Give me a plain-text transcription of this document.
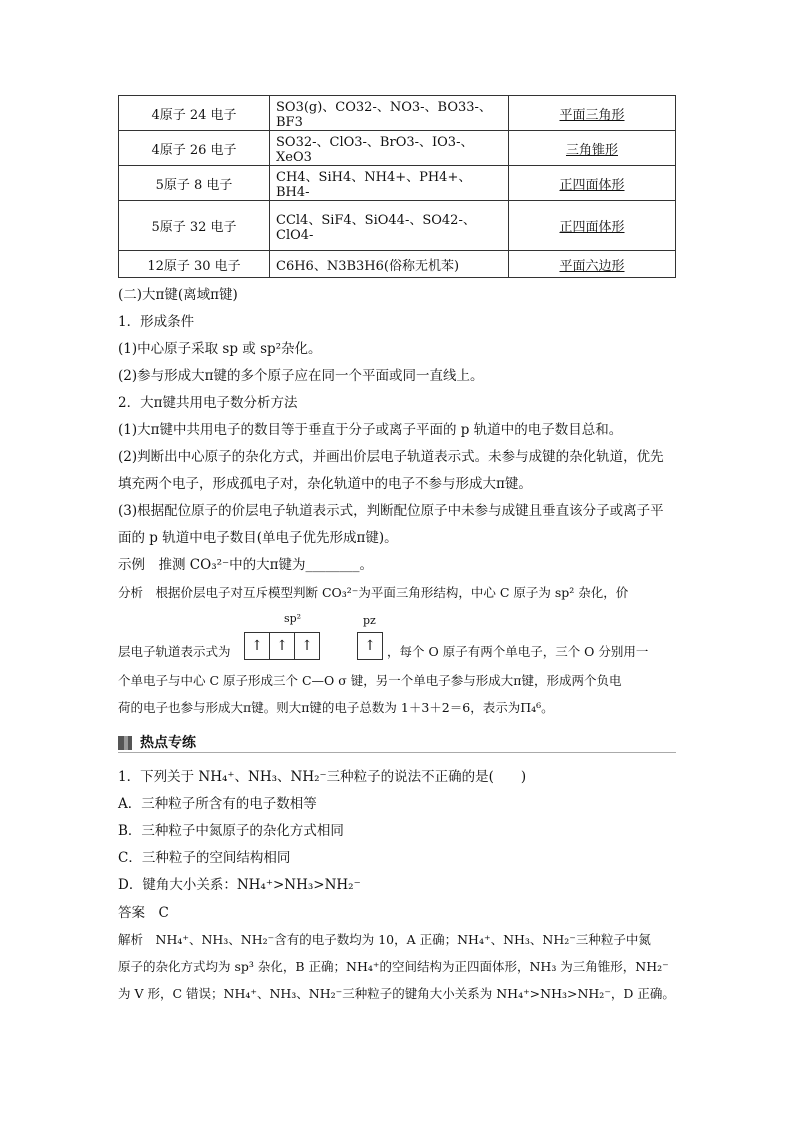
4原子 24 电子	SO3(g)、CO32-、NO3-、BO33-、BF3	平面三角形
4原子 26 电子	SO32-、ClO3-、BrO3-、IO3-、XeO3	三角锥形
5原子 8 电子	CH4、SiH4、NH4+、PH4+、BH4-	正四面体形
5原子 32 电子	CCl4、SiF4、SiO44-、SO42-、ClO4-	正四面体形
12原子 30 电子	C6H6、N3B3H6(俗称无机苯)	平面六边形
(二)大π键(离域π键)
1．形成条件
(1)中心原子采取 sp 或 sp²杂化。
(2)参与形成大π键的多个原子应在同一个平面或同一直线上。
2．大π键共用电子数分析方法
(1)大π键中共用电子的数目等于垂直于分子或离子平面的 p 轨道中的电子数目总和。
(2)判断出中心原子的杂化方式，并画出价层电子轨道表示式。未参与成键的杂化轨道，优先
填充两个电子，形成孤电子对，杂化轨道中的电子不参与形成大π键。
(3)根据配位原子的价层电子轨道表示式，判断配位原子中未参与成键且垂直该分子或离子平
面的 p 轨道中电子数目(单电子优先形成π键)。
示例　推测 CO₃²⁻中的大π键为________。
分析　根据价层电子对互斥模型判断 CO₃²⁻为平面三角形结构，中心 C 原子为 sp² 杂化，价
sp²	pz
层电子轨道表示式为	↑ ↑ ↑	↑ ，每个 O 原子有两个单电子，三个 O 分别用一
个单电子与中心 C 原子形成三个 C—O σ 键，另一个单电子参与形成大π键，形成两个负电
荷的电子也参与形成大π键。则大π键的电子总数为 1＋3＋2＝6，表示为Π₄⁶。
热点专练
1．下列关于 NH₄⁺、NH₃、NH₂⁻三种粒子的说法不正确的是(　　)
A．三种粒子所含有的电子数相等
B．三种粒子中氮原子的杂化方式相同
C．三种粒子的空间结构相同
D．键角大小关系：NH₄⁺>NH₃>NH₂⁻
答案　C
解析　NH₄⁺、NH₃、NH₂⁻含有的电子数均为 10，A 正确；NH₄⁺、NH₃、NH₂⁻三种粒子中氮
原子的杂化方式均为 sp³ 杂化，B 正确；NH₄⁺的空间结构为正四面体形，NH₃ 为三角锥形，NH₂⁻
为 V 形，C 错误；NH₄⁺、NH₃、NH₂⁻三种粒子的键角大小关系为 NH₄⁺>NH₃>NH₂⁻，D 正确。
